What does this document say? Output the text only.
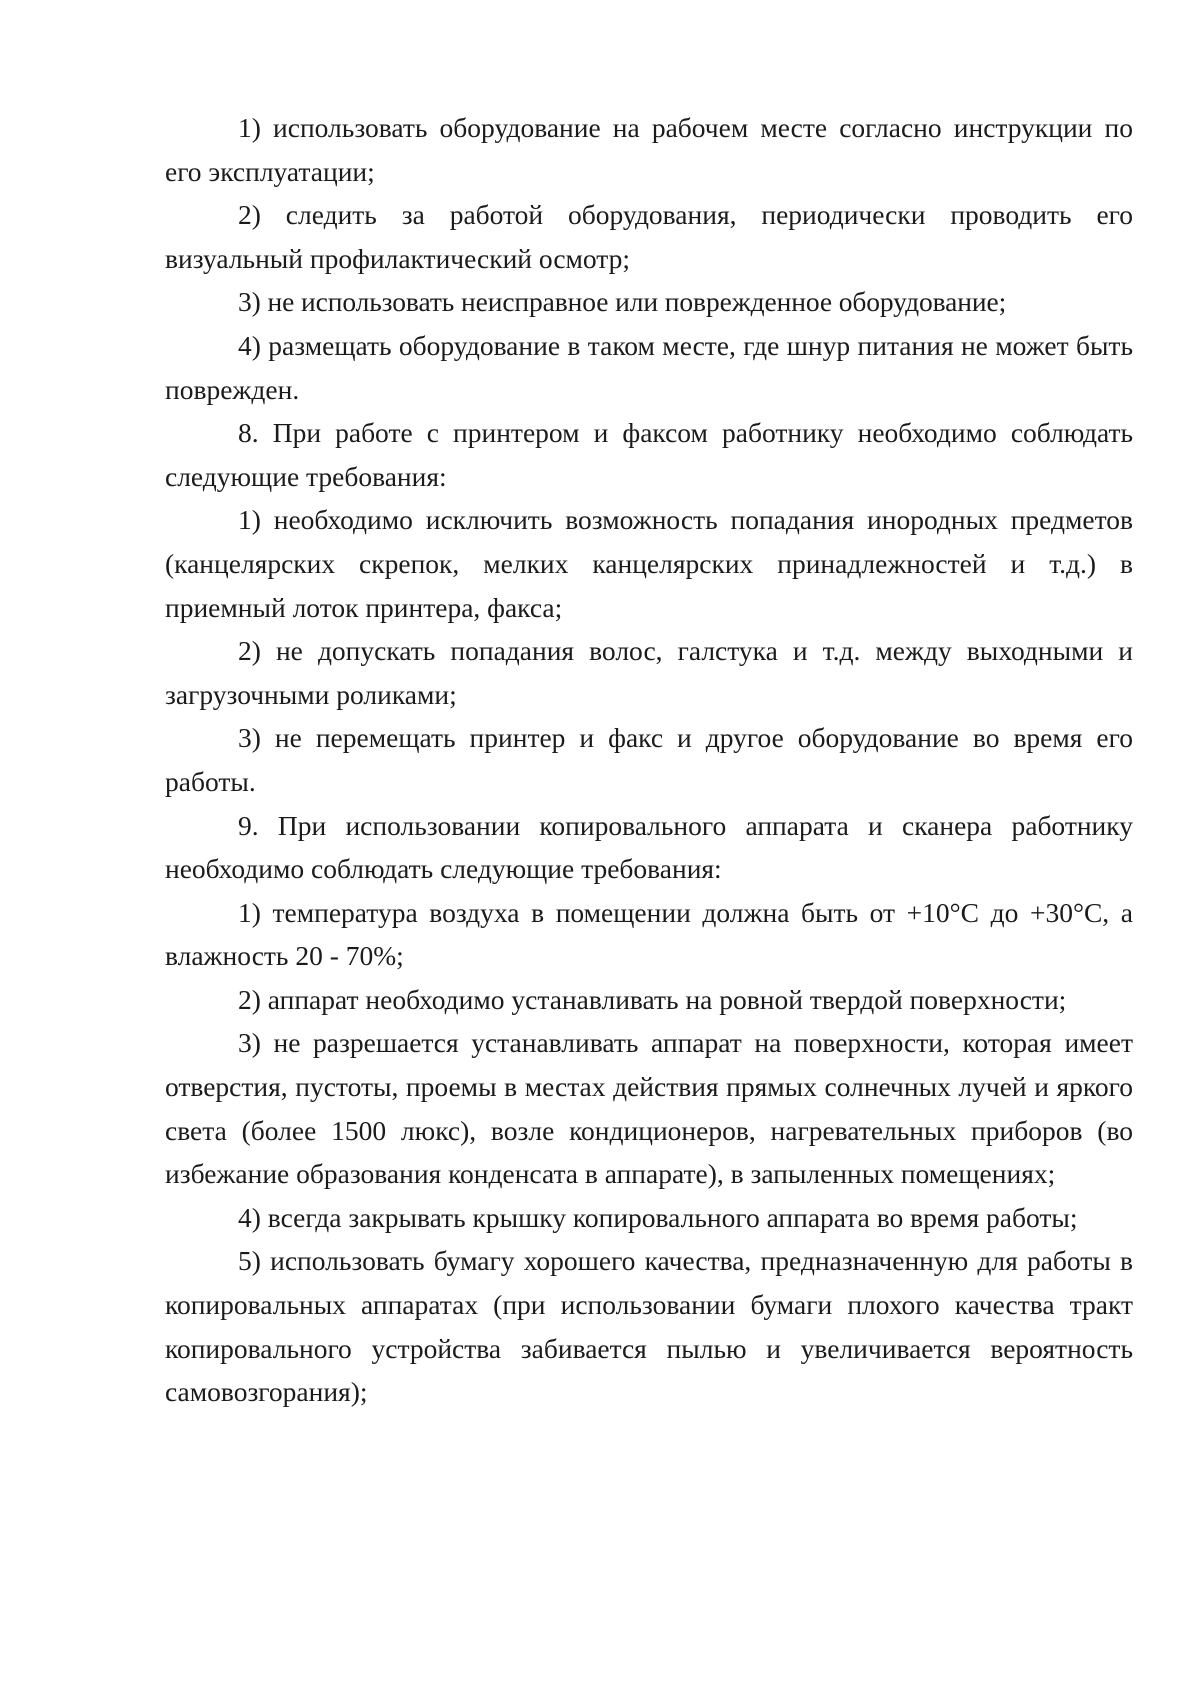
1) использовать оборудование на рабочем месте согласно инструкции по его эксплуатации;

2) следить за работой оборудования, периодически проводить его визуальный профилактический осмотр;

3) не использовать неисправное или поврежденное оборудование;

4) размещать оборудование в таком месте, где шнур питания не может быть поврежден.

8. При работе с принтером и факсом работнику необходимо соблюдать следующие требования:

1) необходимо исключить возможность попадания инородных предметов (канцелярских скрепок, мелких канцелярских принадлежностей и т.д.) в приемный лоток принтера, факса;

2) не допускать попадания волос, галстука и т.д. между выходными и загрузочными роликами;

3) не перемещать принтер и факс и другое оборудование во время его работы.

9. При использовании копировального аппарата и сканера работнику необходимо соблюдать следующие требования:

1) температура воздуха в помещении должна быть от +10°С до +30°С, а влажность 20 - 70%;

2) аппарат необходимо устанавливать на ровной твердой поверхности;

3) не разрешается устанавливать аппарат на поверхности, которая имеет отверстия, пустоты, проемы в местах действия прямых солнечных лучей и яркого света (более 1500 люкс), возле кондиционеров, нагревательных приборов (во избежание образования конденсата в аппарате), в запыленных помещениях;

4) всегда закрывать крышку копировального аппарата во время работы;

5) использовать бумагу хорошего качества, предназначенную для работы в копировальных аппаратах (при использовании бумаги плохого качества тракт копировального устройства забивается пылью и увеличивается вероятность самовозгорания);
